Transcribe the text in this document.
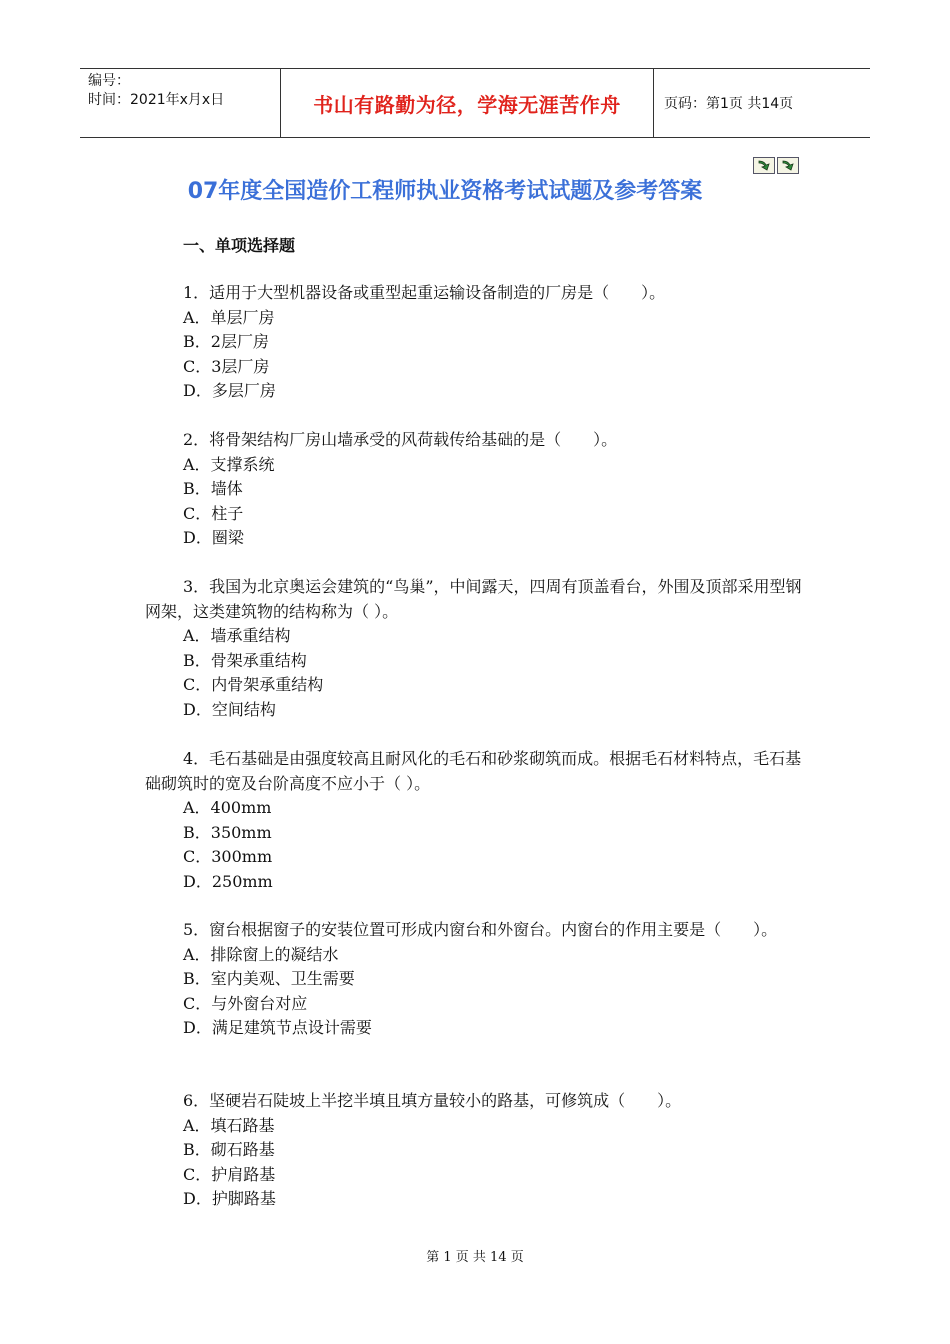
编号：
时间：2021年x月x日	书山有路勤为径，学海无涯苦作舟	页码：第1页 共14页
07年度全国造价工程师执业资格考试试题及参考答案
一、单项选择题

1．适用于大型机器设备或重型起重运输设备制造的厂房是（　　）。

A．单层厂房

B．2层厂房

C．3层厂房

D．多层厂房

2．将骨架结构厂房山墙承受的风荷载传给基础的是（　　）。

A．支撑系统

B．墙体

C．柱子

D．圈梁

3．我国为北京奥运会建筑的“鸟巢”，中间露天，四周有顶盖看台，外围及顶部采用型钢网架，这类建筑物的结构称为（ ）。

A．墙承重结构

B．骨架承重结构

C．内骨架承重结构

D．空间结构

4．毛石基础是由强度较高且耐风化的毛石和砂浆砌筑而成。根据毛石材料特点，毛石基础砌筑时的宽及台阶高度不应小于（ ）。

A．400mm

B．350mm

C．300mm

D．250mm

5．窗台根据窗子的安装位置可形成内窗台和外窗台。内窗台的作用主要是（　　）。

A．排除窗上的凝结水

B．室内美观、卫生需要

C．与外窗台对应

D．满足建筑节点设计需要

6．坚硬岩石陡坡上半挖半填且填方量较小的路基，可修筑成（　　）。

A．填石路基

B．砌石路基

C．护肩路基

D．护脚路基

第 1 页 共 14 页
